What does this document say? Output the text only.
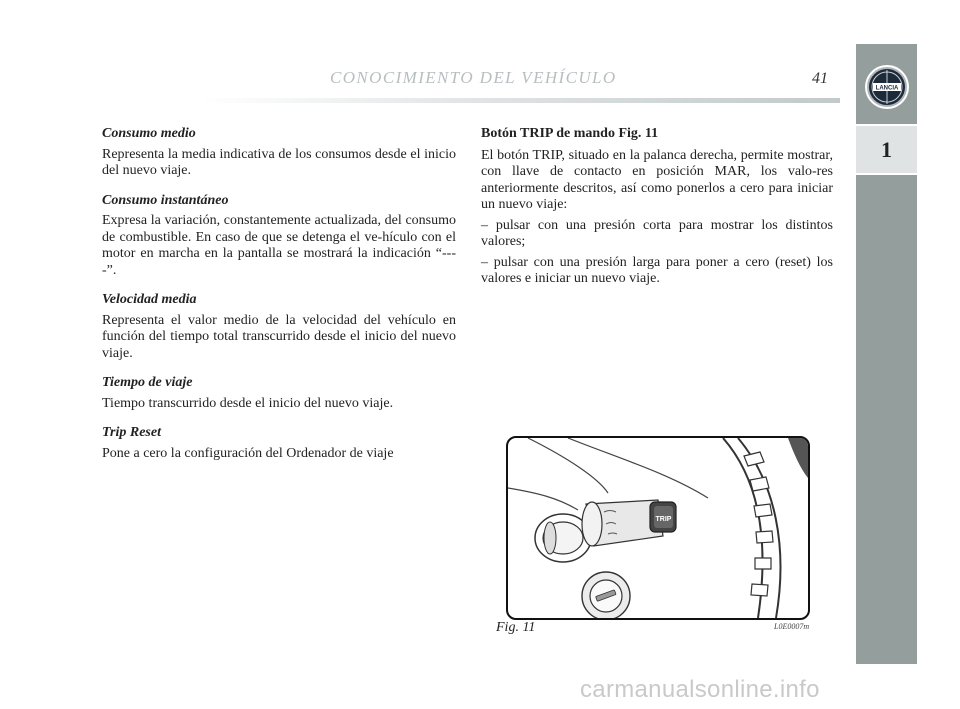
CONOCIMIENTO DEL VEHÍCULO	41
LANCIA
1
Consumo medio

Representa la media indicativa de los consumos desde el inicio del nuevo viaje.

Consumo instantáneo

Expresa la variación, constantemente actualizada, del consumo de combustible. En caso de que se detenga el ve-hículo con el motor en marcha en la pantalla se mostrará la indicación “----”.

Velocidad media

Representa el valor medio de la velocidad del vehículo en función del tiempo total transcurrido desde el inicio del nuevo viaje.

Tiempo de viaje

Tiempo transcurrido desde el inicio del nuevo viaje.

Trip Reset

Pone a cero la configuración del Ordenador de viaje

Botón TRIP de mando Fig. 11

El botón TRIP, situado en la palanca derecha, permite mostrar, con llave de contacto en posición MAR, los valo-res anteriormente descritos, así como ponerlos a cero para iniciar un nuevo viaje:

– pulsar con una presión corta para mostrar los distintos valores;

– pulsar con una presión larga para poner a cero (reset) los valores e iniciar un nuevo viaje.

TRIP
Fig. 11	L0E0007m
carmanualsonline.info
